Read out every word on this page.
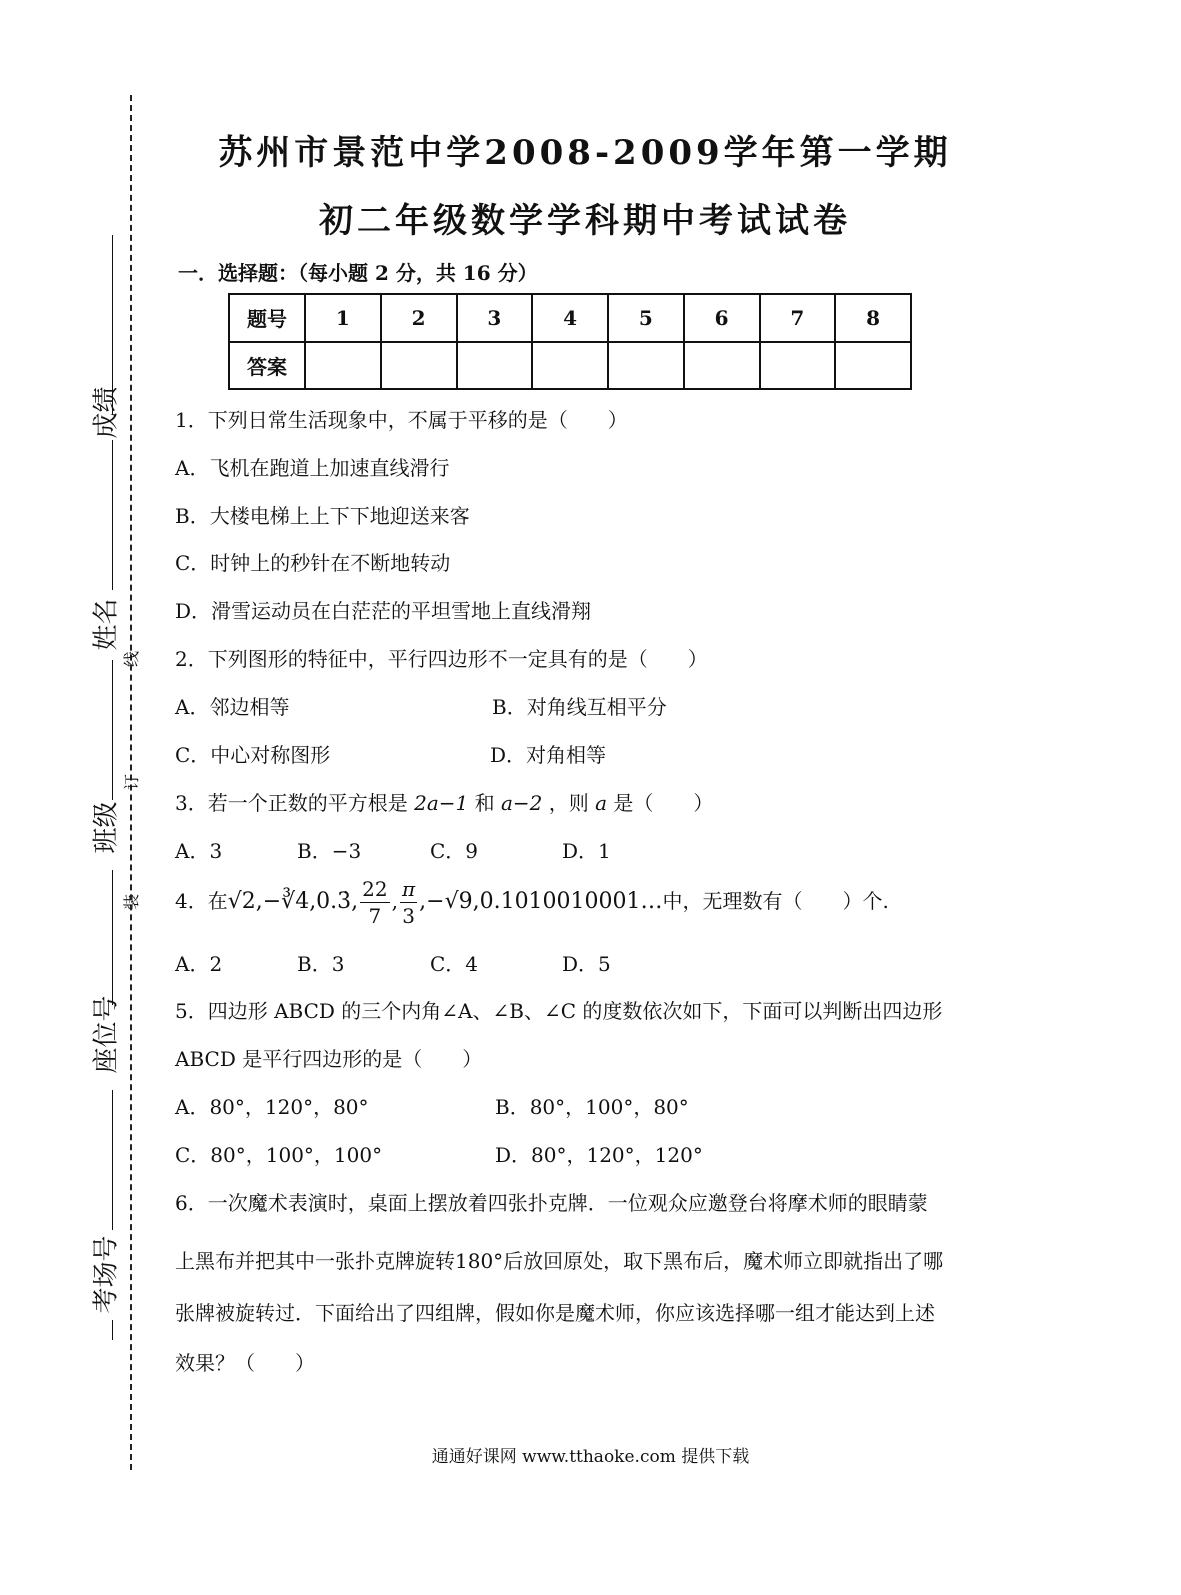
成绩
姓名
班级
座位号
考场号
线
订
装
苏州市景范中学2008-2009学年第一学期
初二年级数学学科期中考试试卷
一．选择题：（每小题 2 分，共 16 分）
题号	1	2	3	4	5	6	7	8
答案								
1．下列日常生活现象中，不属于平移的是（　　）
A．飞机在跑道上加速直线滑行
B．大楼电梯上上下下地迎送来客
C．时钟上的秒针在不断地转动
D．滑雪运动员在白茫茫的平坦雪地上直线滑翔
2．下列图形的特征中，平行四边形不一定具有的是（　　）
A．邻边相等	B．对角线互相平分
C．中心对称图形	D．对角相等
3．若一个正数的平方根是 2a−1 和 a−2 ，则 a 是（　　）
A．3	B．−3	C．9	D．1
4．在√2,−∛4,0.3̇, $\frac{22}{7}$ , $\frac{\pi}{3}$ ,−√9,0.1010010001…中，无理数有（　　）个.
A．2	B．3	C．4	D．5
5．四边形 ABCD 的三个内角∠A、∠B、∠C 的度数依次如下，下面可以判断出四边形
ABCD 是平行四边形的是（　　）
A．80°，120°，80°	B．80°，100°，80°
C．80°，100°，100°	D．80°，120°，120°
6．一次魔术表演时，桌面上摆放着四张扑克牌．一位观众应邀登台将摩术师的眼睛蒙
上黑布并把其中一张扑克牌旋转180°后放回原处，取下黑布后，魔术师立即就指出了哪
张牌被旋转过．下面给出了四组牌，假如你是魔术师，你应该选择哪一组才能达到上述
效果？（　　）
通通好课网 www.tthaoke.com 提供下载
